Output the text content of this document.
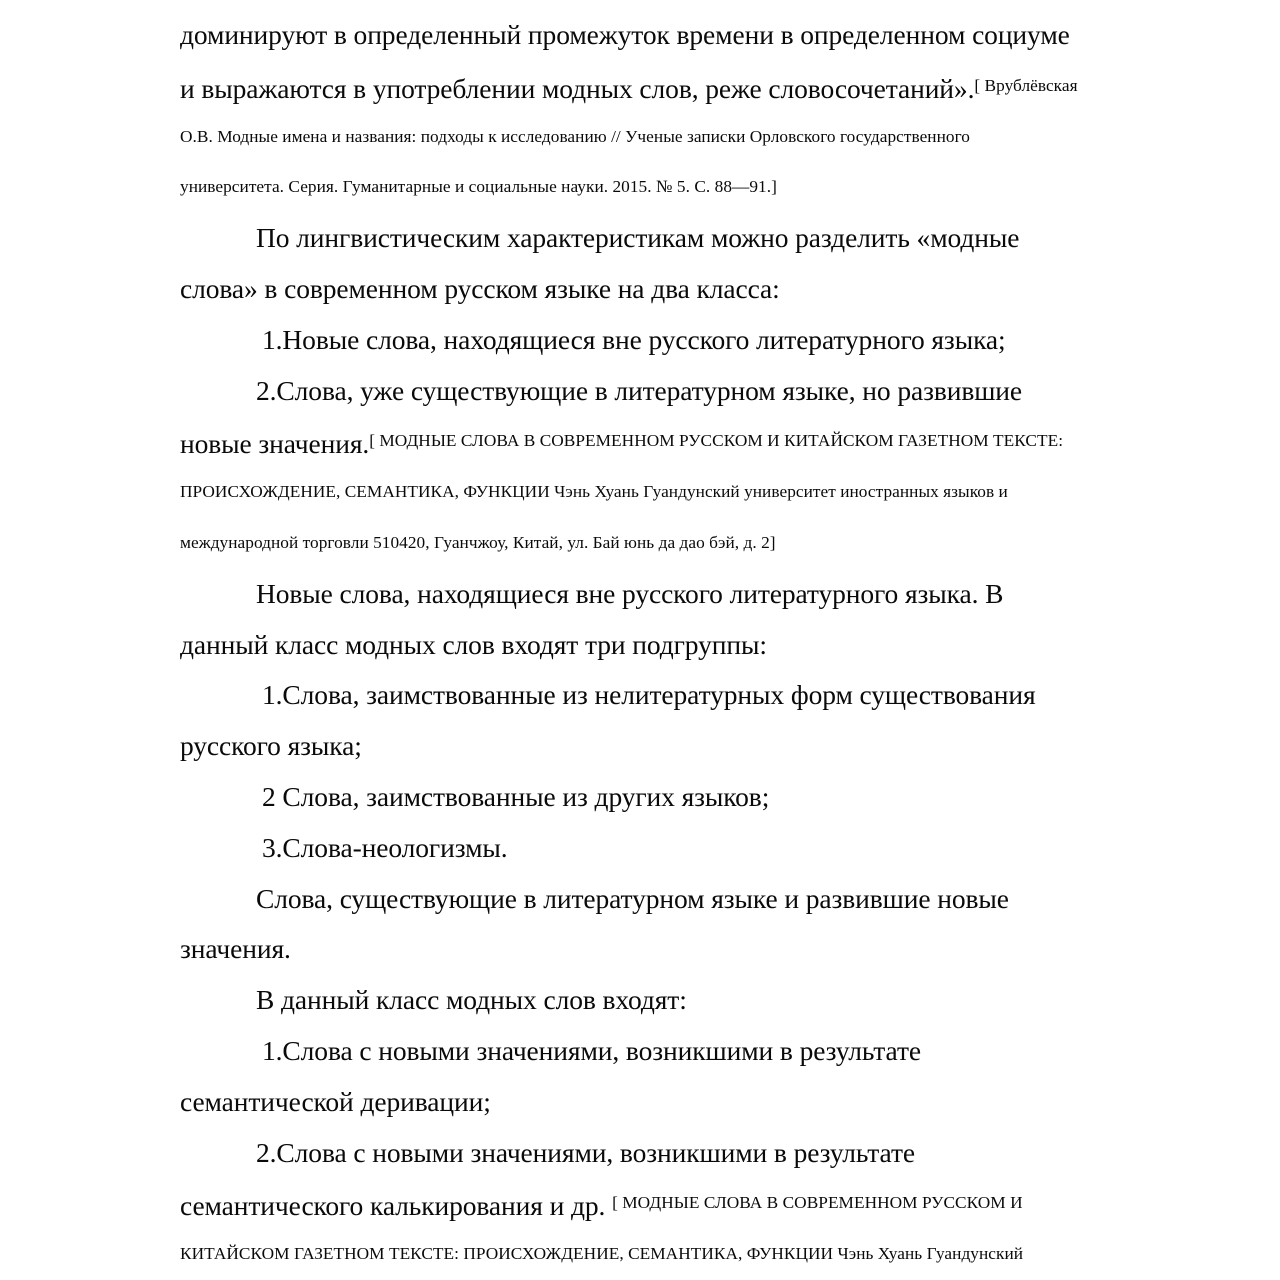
доминируют в определенный промежуток времени в определенном социуме
и выражаются в употреблении модных слов, реже словосочетаний».$^{[ Врублёвская}$
О.В. Модные имена и названия: подходы к исследованию // Ученые записки Орловского государственного
университета. Серия. Гуманитарные и социальные науки. 2015. № 5. С. 88—91.]
По лингвистическим характеристикам можно разделить «модные
слова» в современном русском языке на два класса:
1.Новые слова, находящиеся вне русского литературного языка;
2.Слова, уже существующие в литературном языке, но развившие
новые значения.$^{[ МОДНЫЕ СЛОВА В СОВРЕМЕННОМ РУССКОМ И КИТАЙСКОМ ГАЗЕТНОМ ТЕКСТЕ:}$
ПРОИСХОЖДЕНИЕ, СЕМАНТИКА, ФУНКЦИИ Чэнь Хуань Гуандунский университет иностранных языков и
международной торговли 510420, Гуанчжоу, Китай, ул. Бай юнь да дао бэй, д. 2]
Новые слова, находящиеся вне русского литературного языка. В
данный класс модных слов входят три подгруппы:
1.Слова, заимствованные из нелитературных форм существования
русского языка;
2 Слова, заимствованные из других языков;
3.Слова-неологизмы.
Слова, существующие в литературном языке и развившие новые
значения.
В данный класс модных слов входят:
1.Слова с новыми значениями, возникшими в результате
семантической деривации;
2.Слова с новыми значениями, возникшими в результате
семантического калькирования и др. $^{[ МОДНЫЕ СЛОВА В СОВРЕМЕННОМ РУССКОМ И}$
КИТАЙСКОМ ГАЗЕТНОМ ТЕКСТЕ: ПРОИСХОЖДЕНИЕ, СЕМАНТИКА, ФУНКЦИИ Чэнь Хуань Гуандунский
